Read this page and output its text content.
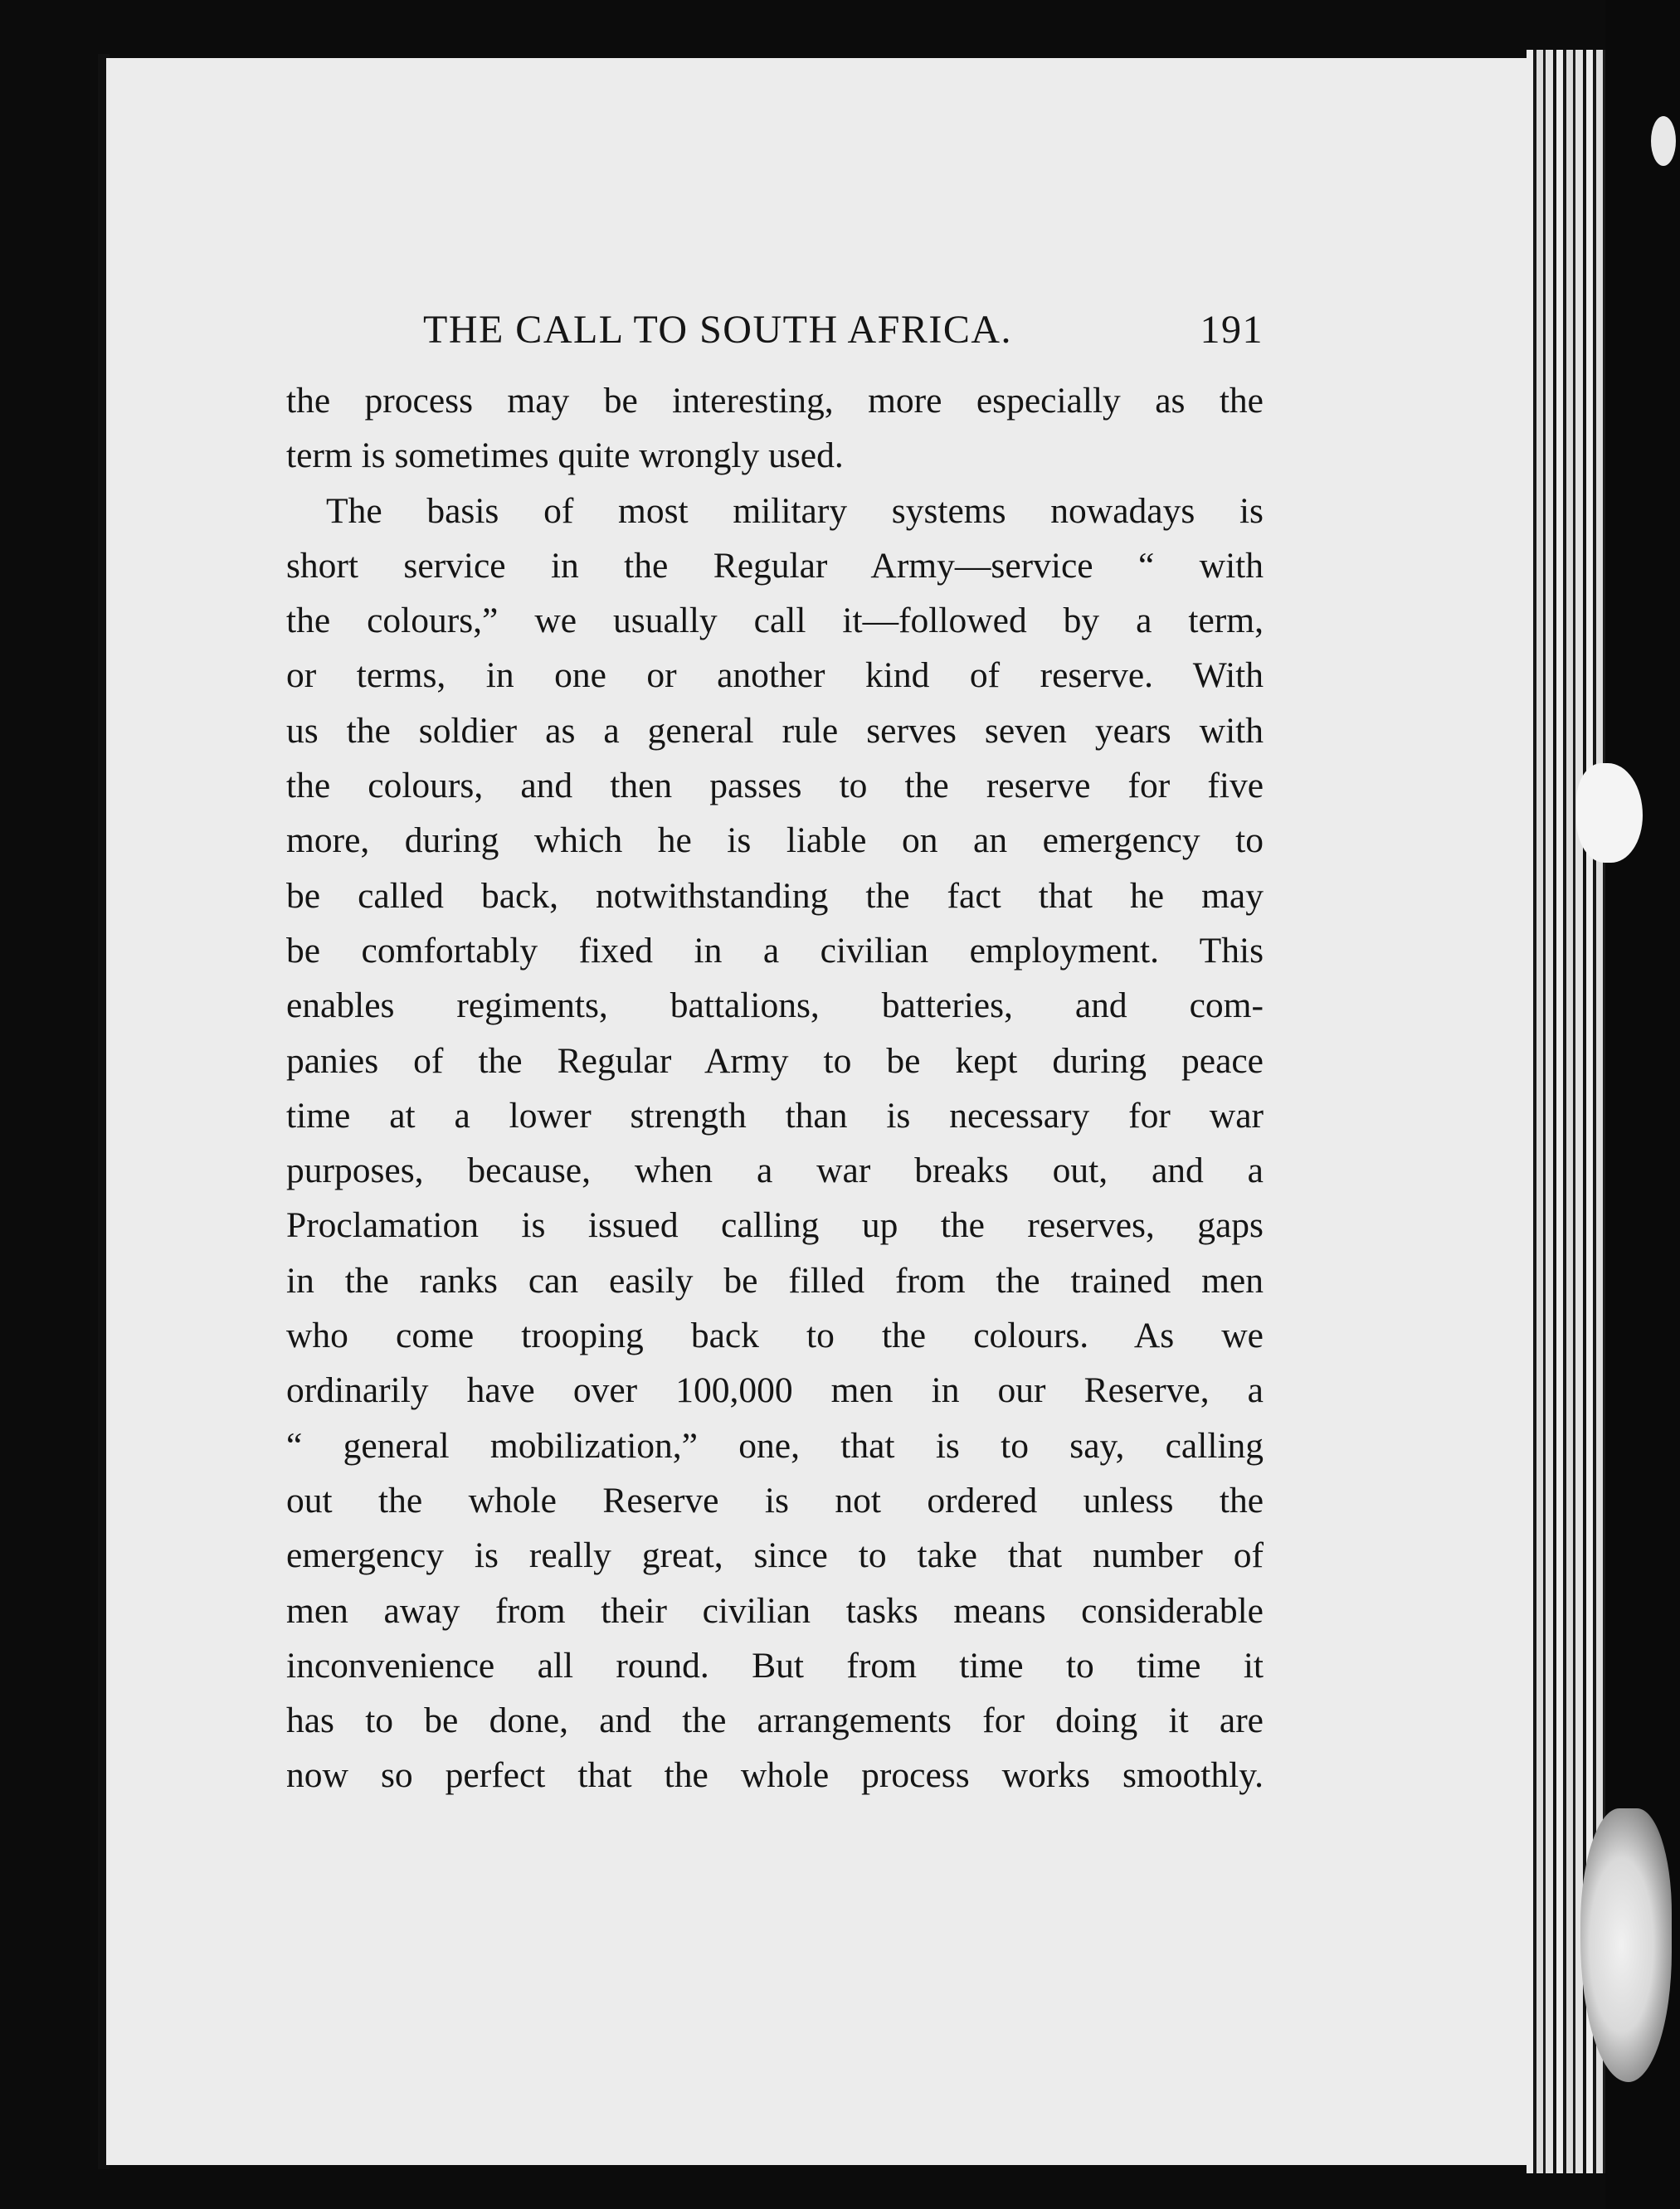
THE CALL TO SOUTH AFRICA.	191
the process may be interesting, more especially as the
term is sometimes quite wrongly used.
The basis of most military systems nowadays is
short service in the Regular Army—service “ with
the colours,” we usually call it—followed by a term,
or terms, in one or another kind of reserve. With
us the soldier as a general rule serves seven years with
the colours, and then passes to the reserve for five
more, during which he is liable on an emergency to
be called back, notwithstanding the fact that he may
be comfortably fixed in a civilian employment. This
enables regiments, battalions, batteries, and com-
panies of the Regular Army to be kept during peace
time at a lower strength than is necessary for war
purposes, because, when a war breaks out, and a
Proclamation is issued calling up the reserves, gaps
in the ranks can easily be filled from the trained men
who come trooping back to the colours. As we
ordinarily have over 100,000 men in our Reserve, a
“ general mobilization,” one, that is to say, calling
out the whole Reserve is not ordered unless the
emergency is really great, since to take that number of
men away from their civilian tasks means considerable
inconvenience all round. But from time to time it
has to be done, and the arrangements for doing it are
now so perfect that the whole process works smoothly.
